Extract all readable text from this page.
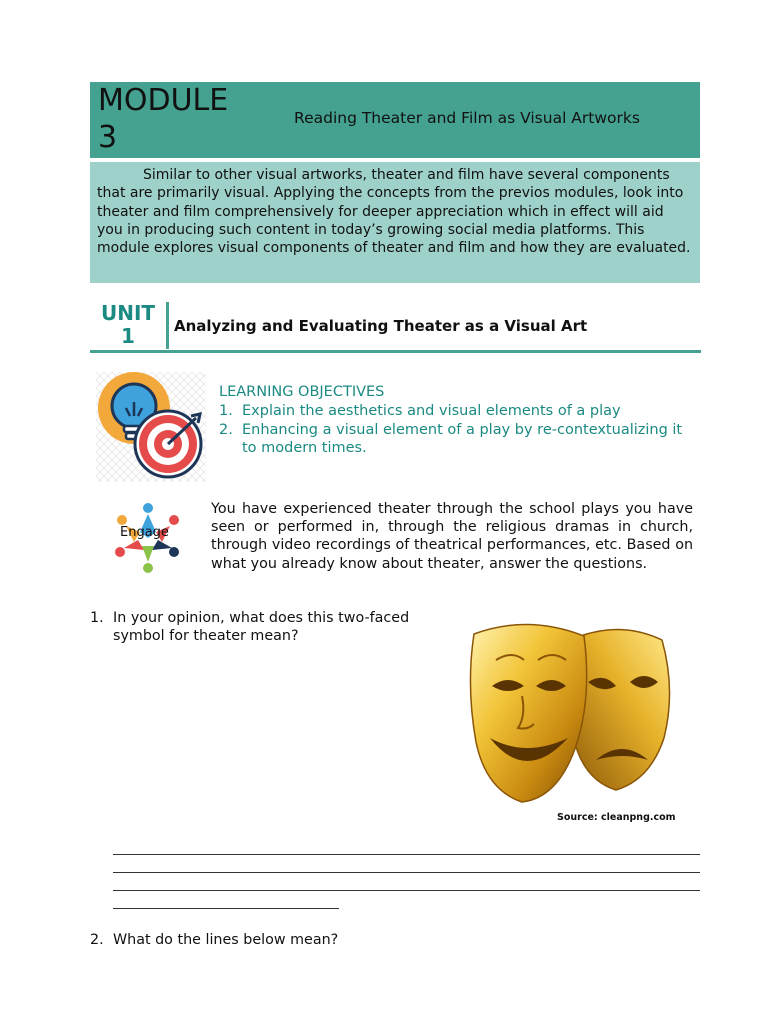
MODULE
3
Reading Theater and Film as Visual Artworks
Similar to other visual artworks, theater and film have several components that are primarily visual. Applying the concepts from the previos modules, look into theater and film comprehensively for deeper appreciation which in effect will aid you in producing such content in today’s growing social media platforms. This module explores visual components of theater and film and how they are evaluated.
UNIT
1	Analyzing and Evaluating Theater as a Visual Art
LEARNING OBJECTIVES
1. Explain the aesthetics and visual elements of a play
2. Enhancing a visual element of a play by re-contextualizing it to modern times.
Engage
You have experienced theater through the school plays you have seen or performed in, through the religious dramas in church, through video recordings of theatrical performances, etc. Based on what you already know about theater, answer the questions.
1. In your opinion, what does this two-faced symbol for theater mean?
Source: cleanpng.com
2. What do the lines below mean?
